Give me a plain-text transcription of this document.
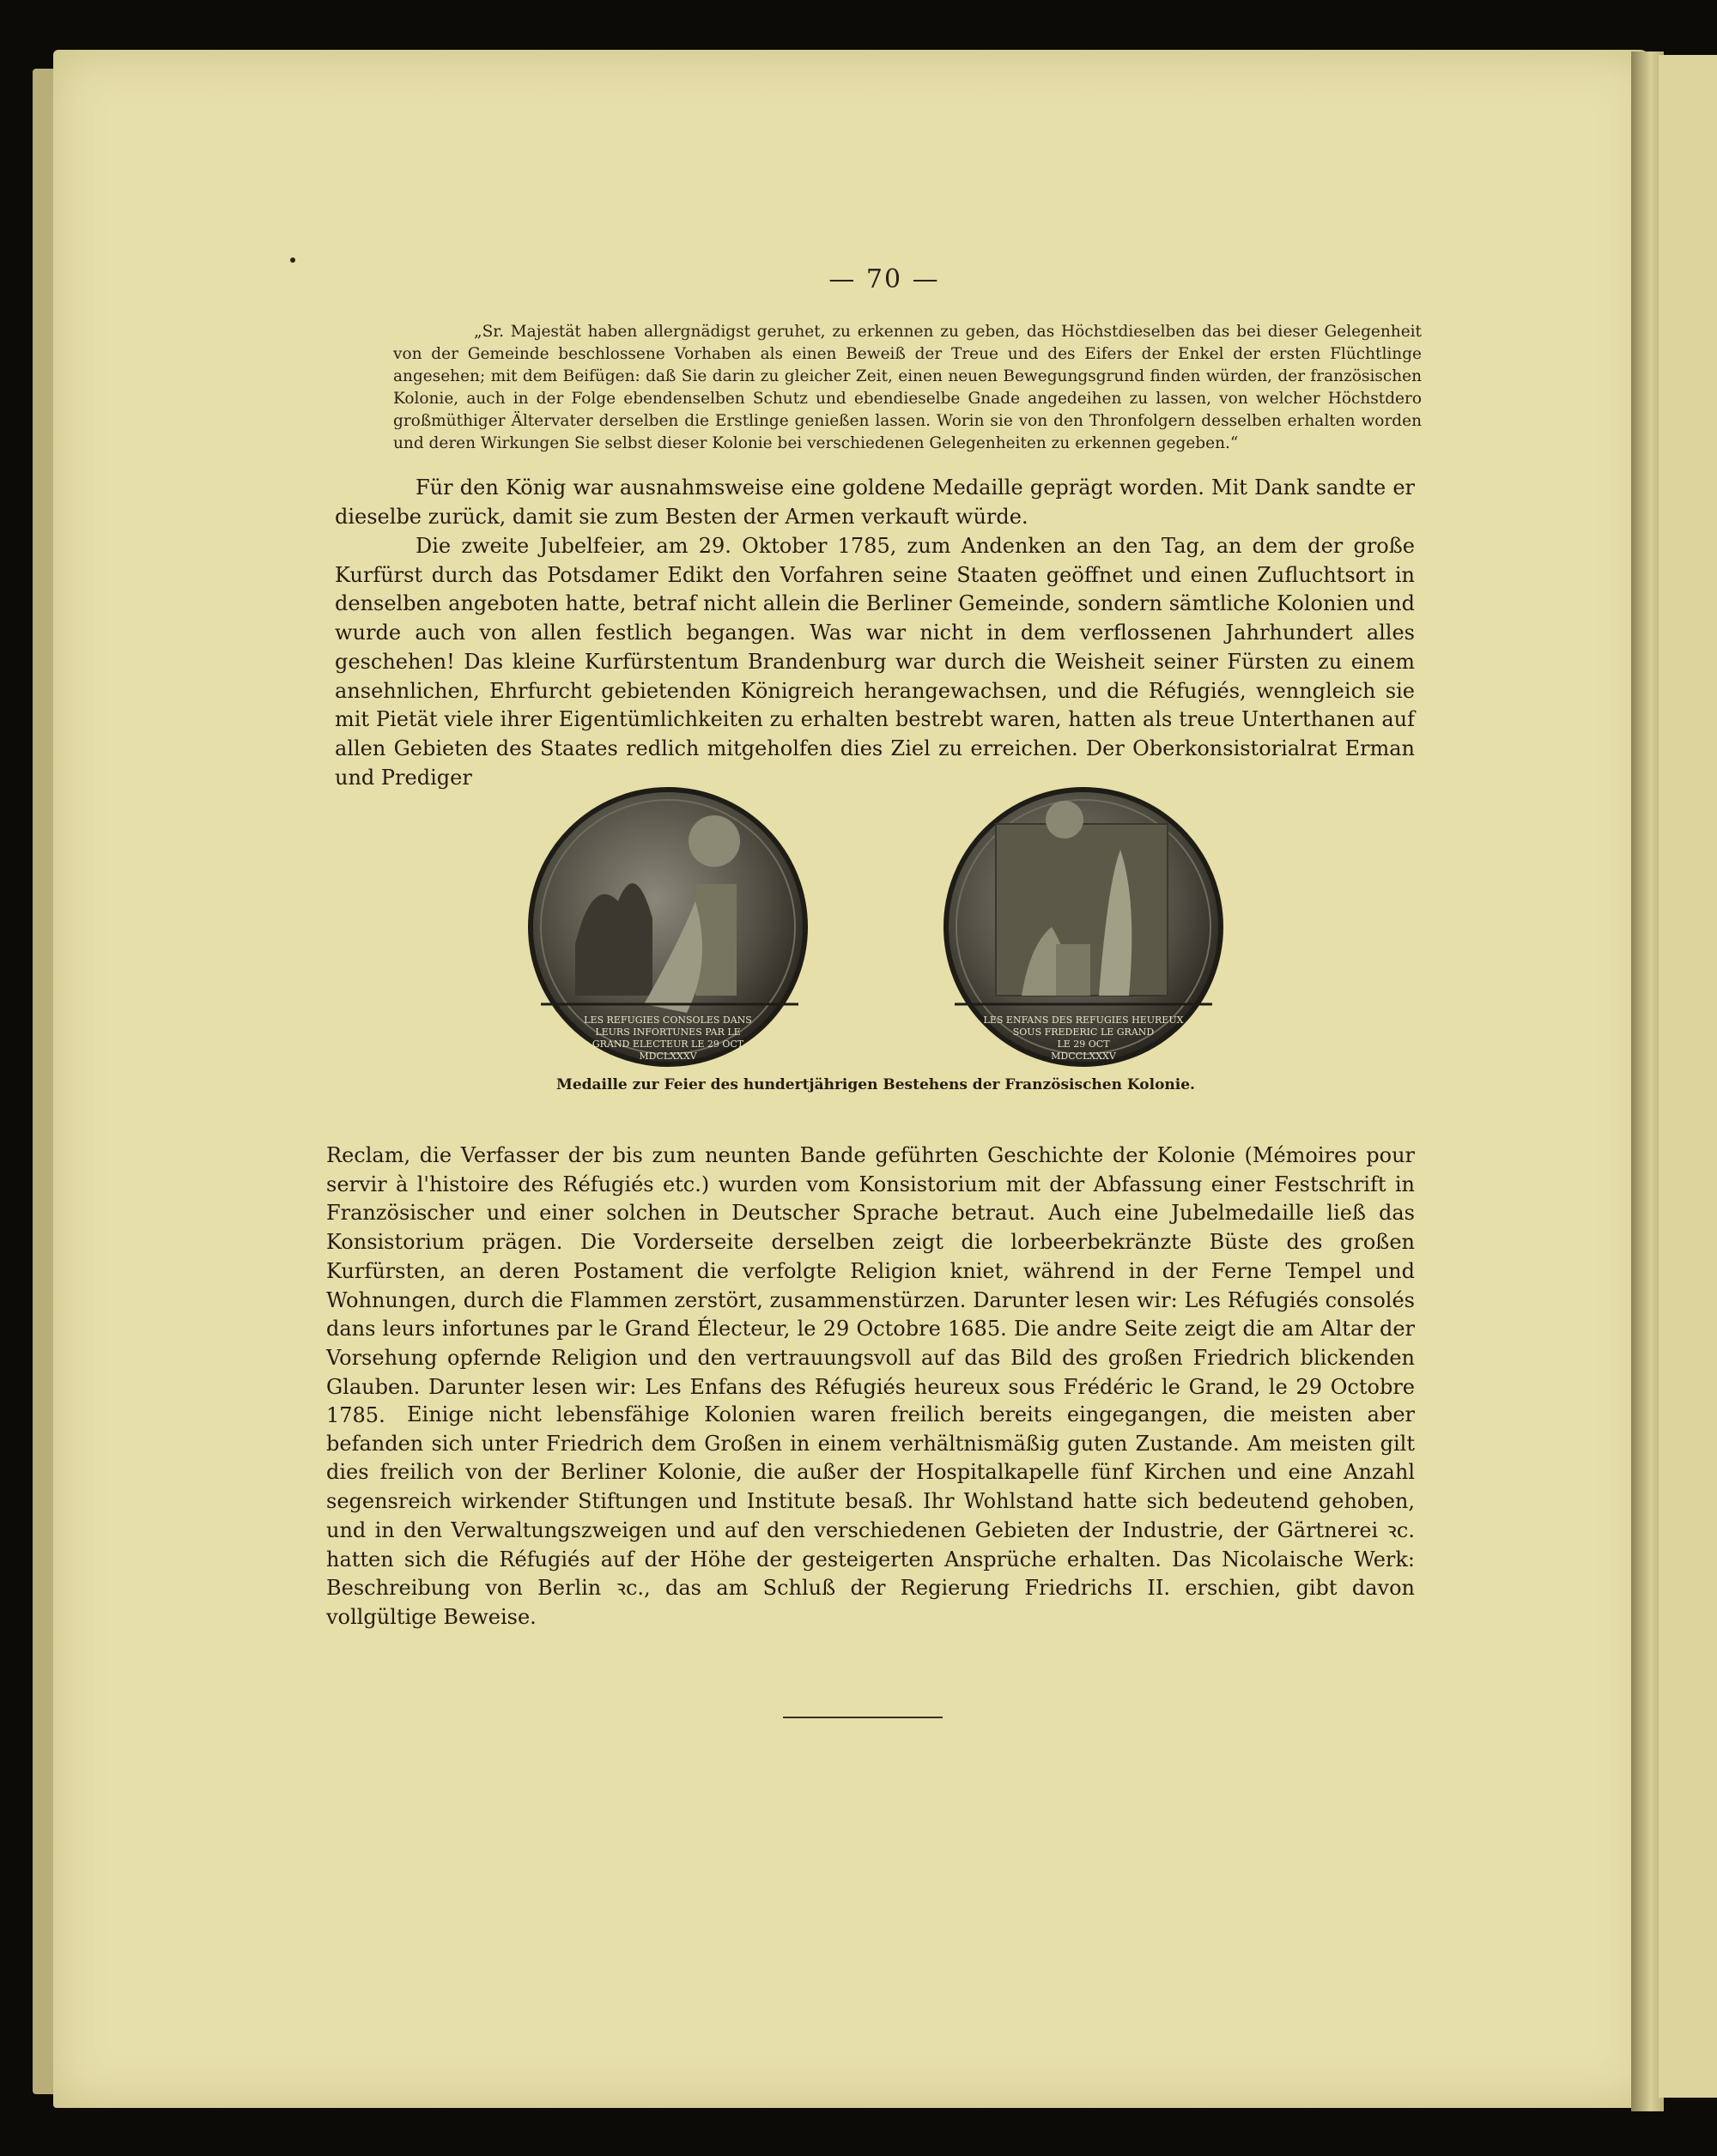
— 70 —

„Sr. Majestät haben allergnädigst geruhet, zu erkennen zu geben, das Höchstdieselben das bei dieser Gelegenheit von der Gemeinde beschlossene Vorhaben als einen Beweiß der Treue und des Eifers der Enkel der ersten Flüchtlinge angesehen; mit dem Beifügen: daß Sie darin zu gleicher Zeit, einen neuen Bewegungsgrund finden würden, der französischen Kolonie, auch in der Folge ebendenselben Schutz und ebendieselbe Gnade angedeihen zu lassen, von welcher Höchstdero großmüthiger Ältervater derselben die Erstlinge genießen lassen. Worin sie von den Thronfolgern desselben erhalten worden und deren Wirkungen Sie selbst dieser Kolonie bei verschiedenen Gelegenheiten zu erkennen gegeben.“

Für den König war ausnahmsweise eine goldene Medaille geprägt worden. Mit Dank sandte er dieselbe zurück, damit sie zum Besten der Armen verkauft würde.

Die zweite Jubelfeier, am 29. Oktober 1785, zum Andenken an den Tag, an dem der große Kurfürst durch das Potsdamer Edikt den Vorfahren seine Staaten geöffnet und einen Zufluchtsort in denselben angeboten hatte, betraf nicht allein die Berliner Gemeinde, sondern sämtliche Kolonien und wurde auch von allen festlich begangen. Was war nicht in dem verflossenen Jahrhundert alles geschehen! Das kleine Kurfürstentum Brandenburg war durch die Weisheit seiner Fürsten zu einem ansehnlichen, Ehrfurcht gebietenden Königreich herangewachsen, und die Réfugiés, wenngleich sie mit Pietät viele ihrer Eigentümlichkeiten zu erhalten bestrebt waren, hatten als treue Unterthanen auf allen Gebieten des Staates redlich mitgeholfen dies Ziel zu erreichen. Der Oberkonsistorialrat Erman und Prediger

LES REFUGIES CONSOLES DANS
LEURS INFORTUNES PAR LE
GRAND ELECTEUR LE 29 OCT
MDCLXXXV
LES ENFANS DES REFUGIES HEUREUX
SOUS FREDERIC LE GRAND
LE 29 OCT
MDCCLXXXV
Medaille zur Feier des hundertjährigen Bestehens der Französischen Kolonie.

Reclam, die Verfasser der bis zum neunten Bande geführten Geschichte der Kolonie (Mémoires pour servir à l'histoire des Réfugiés etc.) wurden vom Konsistorium mit der Abfassung einer Festschrift in Französischer und einer solchen in Deutscher Sprache betraut. Auch eine Jubelmedaille ließ das Konsistorium prägen. Die Vorderseite derselben zeigt die lorbeerbekränzte Büste des großen Kurfürsten, an deren Postament die verfolgte Religion kniet, während in der Ferne Tempel und Wohnungen, durch die Flammen zerstört, zusammenstürzen. Darunter lesen wir: Les Réfugiés consolés dans leurs infortunes par le Grand Électeur, le 29 Octobre 1685. Die andre Seite zeigt die am Altar der Vorsehung opfernde Religion und den vertrauungsvoll auf das Bild des großen Friedrich blickenden Glauben. Darunter lesen wir: Les Enfans des Réfugiés heureux sous Frédéric le Grand, le 29 Octobre 1785.	Einige nicht lebensfähige Kolonien waren freilich bereits eingegangen, die meisten aber befanden sich unter Friedrich dem Großen in einem verhältnismäßig guten Zustande. Am meisten gilt dies freilich von der Berliner Kolonie, die außer der Hospitalkapelle fünf Kirchen und eine Anzahl segensreich wirkender Stiftungen und Institute besaß. Ihr Wohlstand hatte sich bedeutend gehoben, und in den Verwaltungszweigen und auf den verschiedenen Gebieten der Industrie, der Gärtnerei ꝛc. hatten sich die Réfugiés auf der Höhe der gesteigerten Ansprüche erhalten. Das Nicolaische Werk: Beschreibung von Berlin ꝛc., das am Schluß der Regierung Friedrichs II. erschien, gibt davon vollgültige Beweise.
